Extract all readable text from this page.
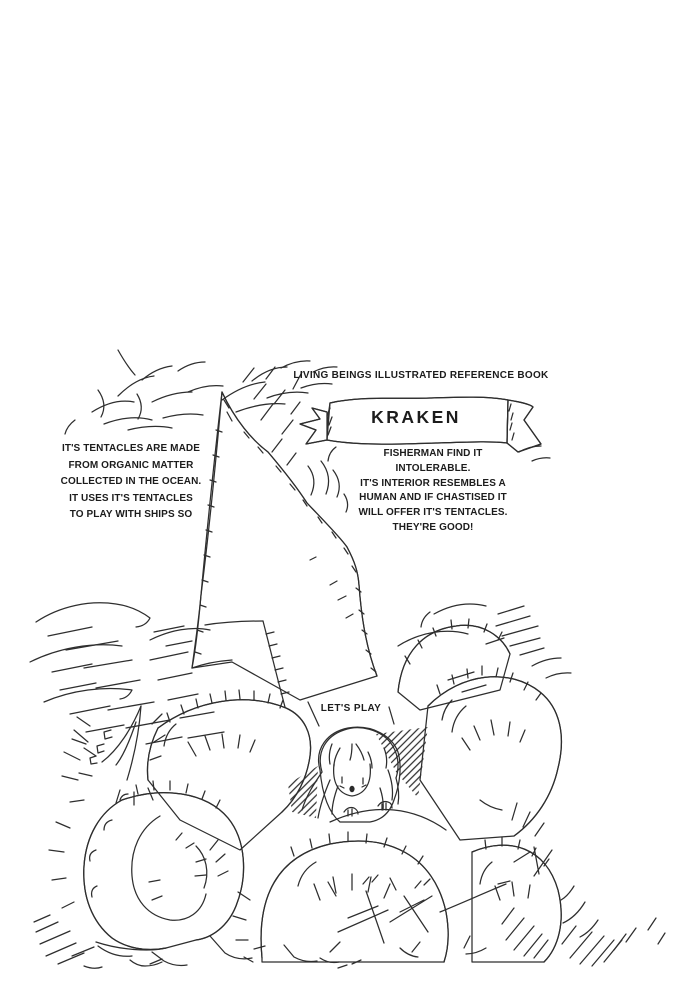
LIVING BEINGS ILLUSTRATED REFERENCE BOOK
KRAKEN
IT'S TENTACLES ARE MADE
FROM ORGANIC MATTER
COLLECTED IN THE OCEAN.
IT USES IT'S TENTACLES
TO PLAY WITH SHIPS SO
FISHERMAN FIND IT
INTOLERABLE.
IT'S INTERIOR RESEMBLES A
HUMAN AND IF CHASTISED IT
WILL OFFER IT'S TENTACLES.
THEY'RE GOOD!
LET'S PLAY
